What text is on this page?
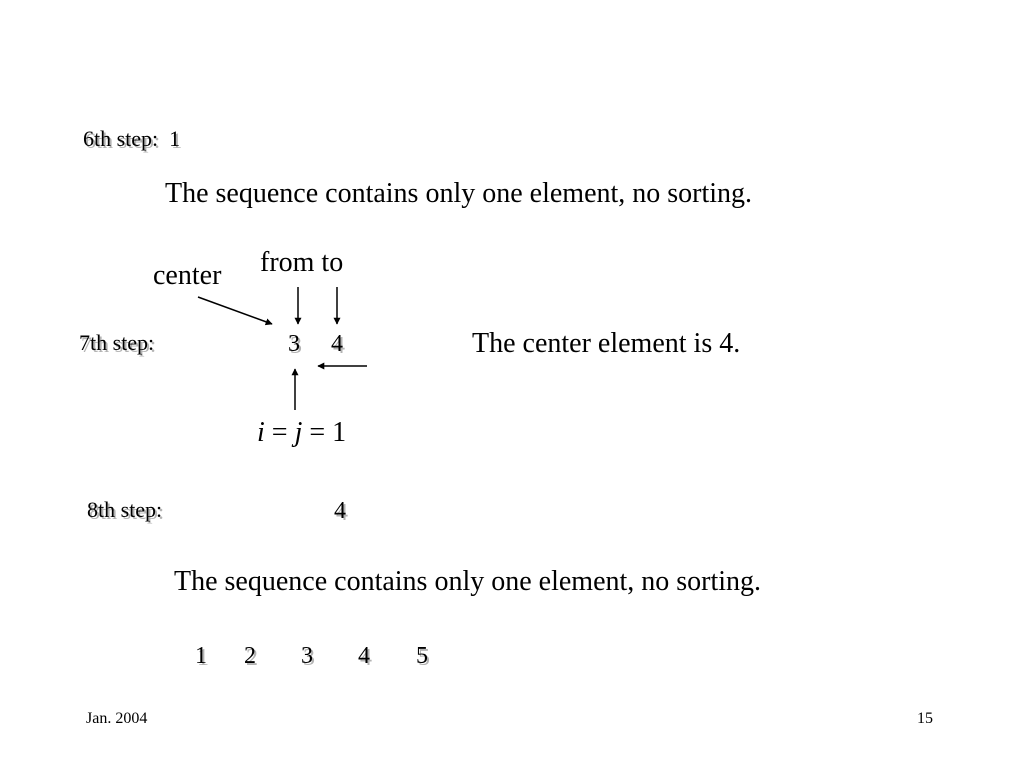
6th step: 1
The sequence contains only one element, no sorting.
from to
center
7th step:	3 4	The center element is 4.
i = j = 1
8th step:	4
The sequence contains only one element, no sorting.
1 2 3 4 5
Jan. 2004	15
